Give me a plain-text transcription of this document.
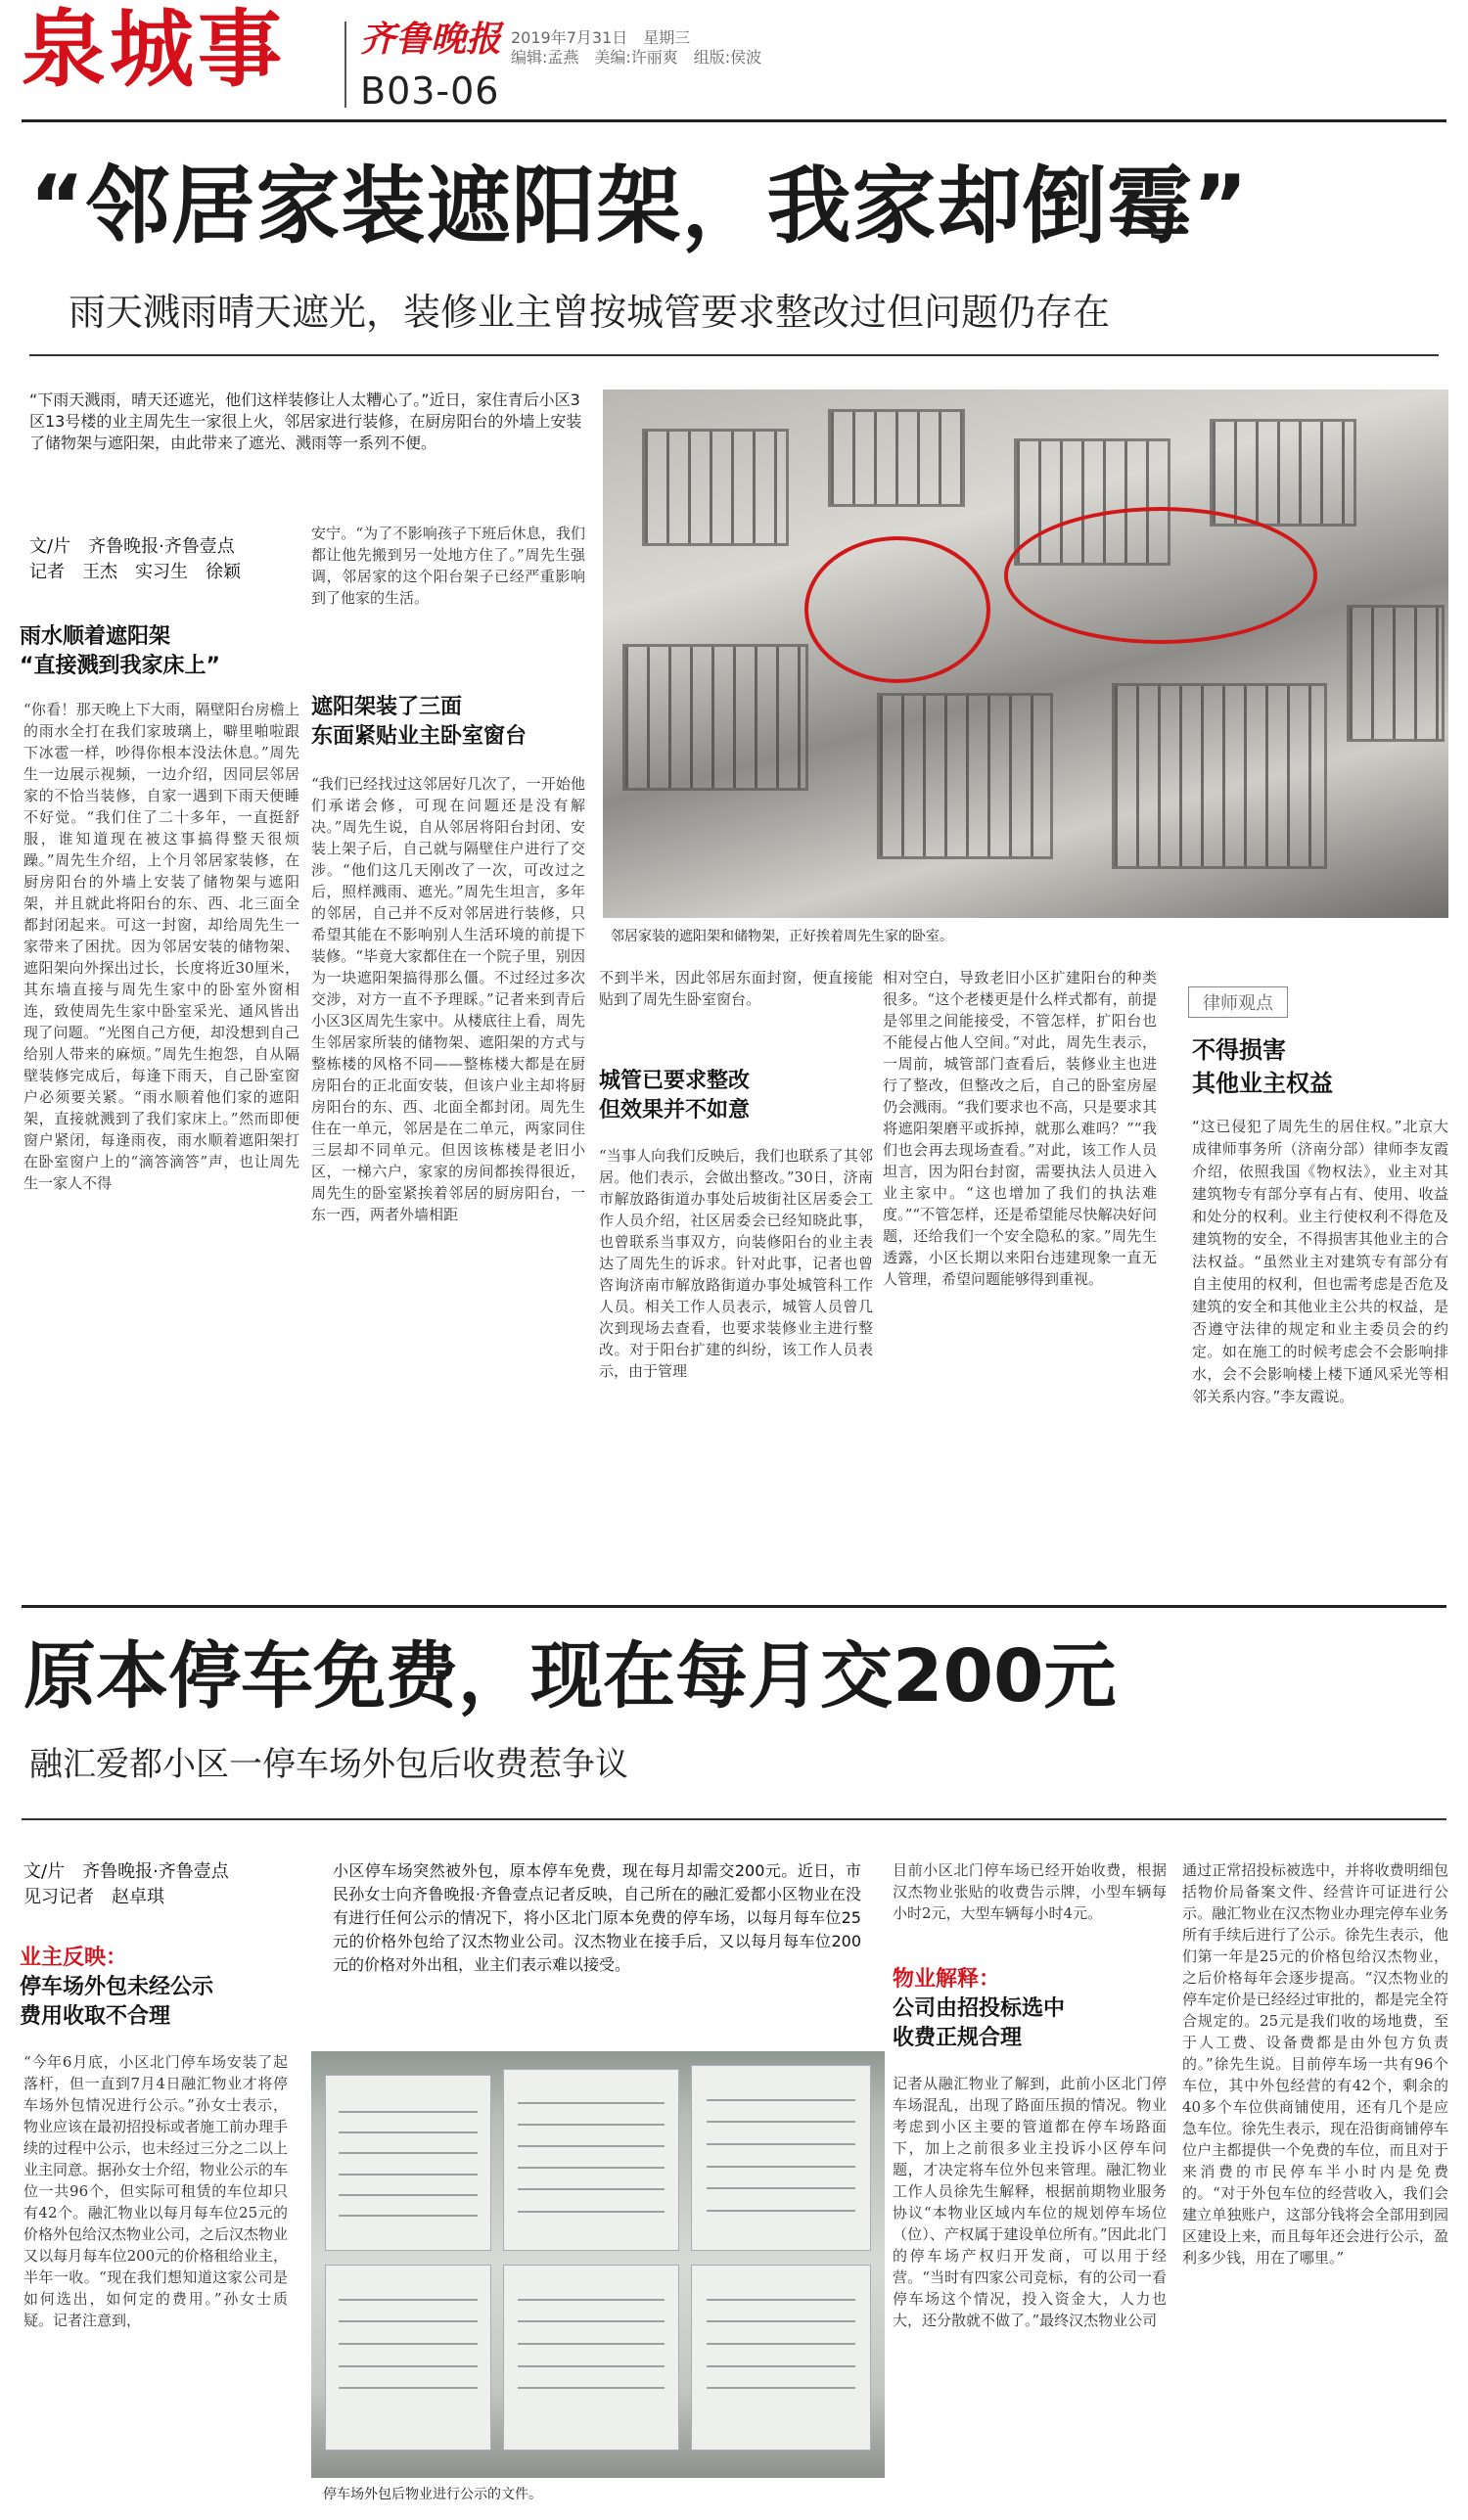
泉城事 齐鲁晚报
B03-06
2019年7月31日　星期三
编辑:孟燕　美编:许丽爽　组版:侯波
“邻居家装遮阳架，我家却倒霉”
雨天溅雨晴天遮光，装修业主曾按城管要求整改过但问题仍存在
“下雨天溅雨，晴天还遮光，他们这样装修让人太糟心了。”近日，家住青后小区3区13号楼的业主周先生一家很上火，邻居家进行装修，在厨房阳台的外墙上安装了储物架与遮阳架，由此带来了遮光、溅雨等一系列不便。
文/片　齐鲁晚报·齐鲁壹点
记者　王杰　实习生　徐颖
雨水顺着遮阳架
“直接溅到我家床上”
“你看！那天晚上下大雨，隔壁阳台房檐上的雨水全打在我们家玻璃上，噼里啪啦跟下冰雹一样，吵得你根本没法休息。”周先生一边展示视频，一边介绍，因同层邻居家的不恰当装修，自家一遇到下雨天便睡不好觉。“我们住了二十多年，一直挺舒服，谁知道现在被这事搞得整天很烦躁。”周先生介绍，上个月邻居家装修，在厨房阳台的外墙上安装了储物架与遮阳架，并且就此将阳台的东、西、北三面全都封闭起来。可这一封窗，却给周先生一家带来了困扰。因为邻居安装的储物架、遮阳架向外探出过长，长度将近30厘米，其东墙直接与周先生家中的卧室外窗相连，致使周先生家中卧室采光、通风皆出现了问题。“光图自己方便，却没想到自己给别人带来的麻烦。”周先生抱怨，自从隔壁装修完成后，每逢下雨天，自己卧室窗户必须要关紧。“雨水顺着他们家的遮阳架，直接就溅到了我们家床上。”然而即便窗户紧闭，每逢雨夜，雨水顺着遮阳架打在卧室窗户上的“滴答滴答”声，也让周先生一家人不得
安宁。“为了不影响孩子下班后休息，我们都让他先搬到另一处地方住了。”周先生强调，邻居家的这个阳台架子已经严重影响到了他家的生活。
遮阳架装了三面
东面紧贴业主卧室窗台
“我们已经找过这邻居好几次了，一开始他们承诺会修，可现在问题还是没有解决。”周先生说，自从邻居将阳台封闭、安装上架子后，自己就与隔壁住户进行了交涉。“他们这几天刚改了一次，可改过之后，照样溅雨、遮光。”周先生坦言，多年的邻居，自己并不反对邻居进行装修，只希望其能在不影响别人生活环境的前提下装修。“毕竟大家都住在一个院子里，别因为一块遮阳架搞得那么僵。不过经过多次交涉，对方一直不予理睬。”记者来到青后小区3区周先生家中。从楼底往上看，周先生邻居家所装的储物架、遮阳架的方式与整栋楼的风格不同——整栋楼大都是在厨房阳台的正北面安装，但该户业主却将厨房阳台的东、西、北面全都封闭。周先生住在一单元，邻居是在二单元，两家同住三层却不同单元。但因该栋楼是老旧小区，一梯六户，家家的房间都挨得很近，周先生的卧室紧挨着邻居的厨房阳台，一东一西，两者外墙相距
邻居家装的遮阳架和储物架，正好挨着周先生家的卧室。
不到半米，因此邻居东面封窗，便直接能贴到了周先生卧室窗台。
城管已要求整改
但效果并不如意
“当事人向我们反映后，我们也联系了其邻居。他们表示，会做出整改。”30日，济南市解放路街道办事处后坡街社区居委会工作人员介绍，社区居委会已经知晓此事，也曾联系当事双方，向装修阳台的业主表达了周先生的诉求。针对此事，记者也曾咨询济南市解放路街道办事处城管科工作人员。相关工作人员表示，城管人员曾几次到现场去查看，也要求装修业主进行整改。对于阳台扩建的纠纷，该工作人员表示，由于管理
相对空白，导致老旧小区扩建阳台的种类很多。“这个老楼更是什么样式都有，前提是邻里之间能接受，不管怎样，扩阳台也不能侵占他人空间。”对此，周先生表示，一周前，城管部门查看后，装修业主也进行了整改，但整改之后，自己的卧室房屋仍会溅雨。“我们要求也不高，只是要求其将遮阳架磨平或拆掉，就那么难吗？”“我们也会再去现场查看。”对此，该工作人员坦言，因为阳台封窗，需要执法人员进入业主家中。“这也增加了我们的执法难度。”“不管怎样，还是希望能尽快解决好问题，还给我们一个安全隐私的家。”周先生透露，小区长期以来阳台违建现象一直无人管理，希望问题能够得到重视。
律师观点
不得损害
其他业主权益
“这已侵犯了周先生的居住权。”北京大成律师事务所（济南分部）律师李友霞介绍，依照我国《物权法》，业主对其建筑物专有部分享有占有、使用、收益和处分的权利。业主行使权利不得危及建筑物的安全，不得损害其他业主的合法权益。“虽然业主对建筑专有部分有自主使用的权利，但也需考虑是否危及建筑的安全和其他业主公共的权益，是否遵守法律的规定和业主委员会的约定。如在施工的时候考虑会不会影响排水，会不会影响楼上楼下通风采光等相邻关系内容。”李友霞说。
原本停车免费，现在每月交200元
融汇爱都小区一停车场外包后收费惹争议
文/片　齐鲁晚报·齐鲁壹点
见习记者　赵卓琪
业主反映：
停车场外包未经公示
费用收取不合理
“今年6月底，小区北门停车场安装了起落杆，但一直到7月4日融汇物业才将停车场外包情况进行公示。”孙女士表示，物业应该在最初招投标或者施工前办理手续的过程中公示，也未经过三分之二以上业主同意。据孙女士介绍，物业公示的车位一共96个，但实际可租赁的车位却只有42个。融汇物业以每月每车位25元的价格外包给汉杰物业公司，之后汉杰物业又以每月每车位200元的价格租给业主，半年一收。“现在我们想知道这家公司是如何选出，如何定的费用。”孙女士质疑。记者注意到，
小区停车场突然被外包，原本停车免费，现在每月却需交200元。近日，市民孙女士向齐鲁晚报·齐鲁壹点记者反映，自己所在的融汇爱都小区物业在没有进行任何公示的情况下，将小区北门原本免费的停车场，以每月每车位25元的价格外包给了汉杰物业公司。汉杰物业在接手后，又以每月每车位200元的价格对外出租，业主们表示难以接受。
停车场外包后物业进行公示的文件。
目前小区北门停车场已经开始收费，根据汉杰物业张贴的收费告示牌，小型车辆每小时2元，大型车辆每小时4元。
物业解释：
公司由招投标选中
收费正规合理
记者从融汇物业了解到，此前小区北门停车场混乱，出现了路面压损的情况。物业考虑到小区主要的管道都在停车场路面下，加上之前很多业主投诉小区停车问题，才决定将车位外包来管理。融汇物业工作人员徐先生解释，根据前期物业服务协议“本物业区域内车位的规划停车场位（位）、产权属于建设单位所有。”因此北门的停车场产权归开发商，可以用于经营。“当时有四家公司竞标，有的公司一看停车场这个情况，投入资金大，人力也大，还分散就不做了。”最终汉杰物业公司
通过正常招投标被选中，并将收费明细包括物价局备案文件、经营许可证进行公示。融汇物业在汉杰物业办理完停车业务所有手续后进行了公示。徐先生表示，他们第一年是25元的价格包给汉杰物业，之后价格每年会逐步提高。“汉杰物业的停车定价是已经经过审批的，都是完全符合规定的。25元是我们收的场地费，至于人工费、设备费都是由外包方负责的。”徐先生说。目前停车场一共有96个车位，其中外包经营的有42个，剩余的40多个车位供商铺使用，还有几个是应急车位。徐先生表示，现在沿街商铺停车位户主都提供一个免费的车位，而且对于来消费的市民停车半小时内是免费的。“对于外包车位的经营收入，我们会建立单独账户，这部分钱将会全部用到园区建设上来，而且每年还会进行公示，盈利多少钱，用在了哪里。”
